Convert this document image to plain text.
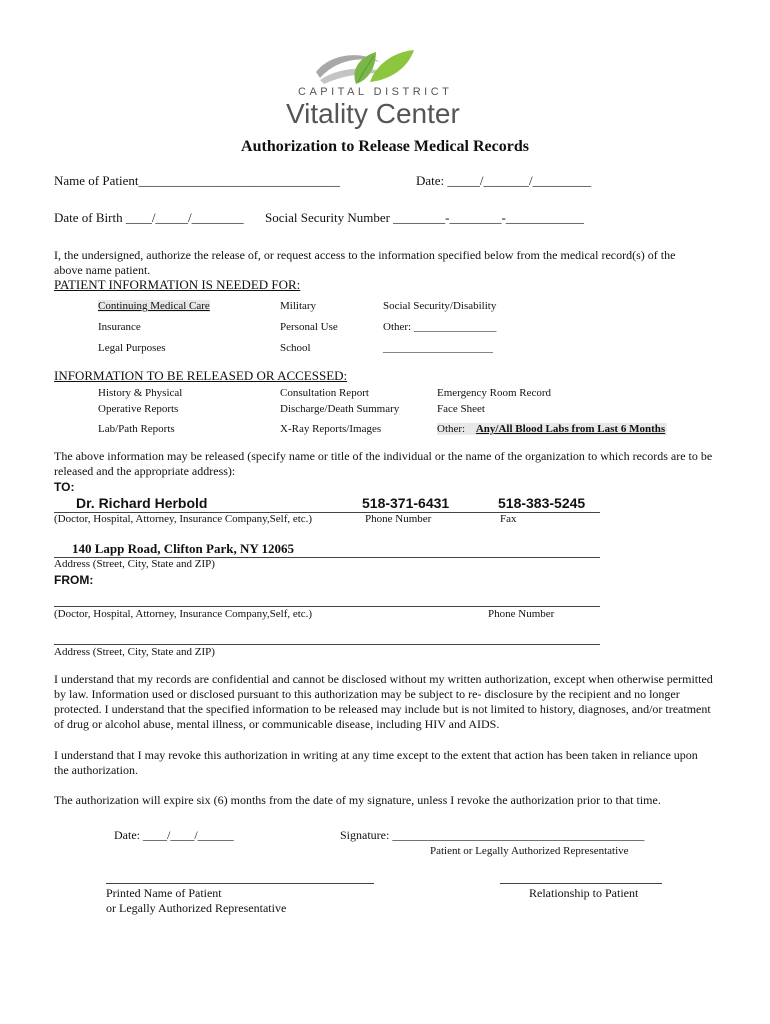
CAPITAL DISTRICT
Vitality Center
Authorization to Release Medical Records
Name of Patient_______________________________	Date: _____/_______/_________
Date of Birth ____/_____/________ Social Security Number ________-________-____________
I, the undersigned, authorize the release of, or request access to the information specified below from the medical record(s) of the above name patient.
PATIENT INFORMATION IS NEEDED FOR:
Continuing Medical Care	Military	Social Security/Disability
Insurance	Personal Use	Other: _______________
Legal Purposes	School	____________________
INFORMATION TO BE RELEASED OR ACCESSED:
History & Physical	Consultation Report	Emergency Room Record
Operative Reports	Discharge/Death Summary	Face Sheet
Lab/Path Reports	X-Ray Reports/Images	Other: Any/All Blood Labs from Last 6 Months
The above information may be released (specify name or title of the individual or the name of the organization to which records are to be released and the appropriate address):
TO:
Dr. Richard Herbold	518-371-6431	518-383-5245
(Doctor, Hospital, Attorney, Insurance Company,Self, etc.)	Phone Number	Fax
140 Lapp Road, Clifton Park, NY 12065
Address (Street, City, State and ZIP)
FROM:
(Doctor, Hospital, Attorney, Insurance Company,Self, etc.)	Phone Number
Address (Street, City, State and ZIP)
I understand that my records are confidential and cannot be disclosed without my written authorization, except when otherwise permitted by law. Information used or disclosed pursuant to this authorization may be subject to re- disclosure by the recipient and no longer protected. I understand that the specified information to be released may include but is not limited to history, diagnoses, and/or treatment of drug or alcohol abuse, mental illness, or communicable disease, including HIV and AIDS.
I understand that I may revoke this authorization in writing at any time except to the extent that action has been taken in reliance upon the authorization.
The authorization will expire six (6) months from the date of my signature, unless I revoke the authorization prior to that time.
Date: ____/____/______	Signature: __________________________________________
Patient or Legally Authorized Representative
Printed Name of Patient
or Legally Authorized Representative
Relationship to Patient
